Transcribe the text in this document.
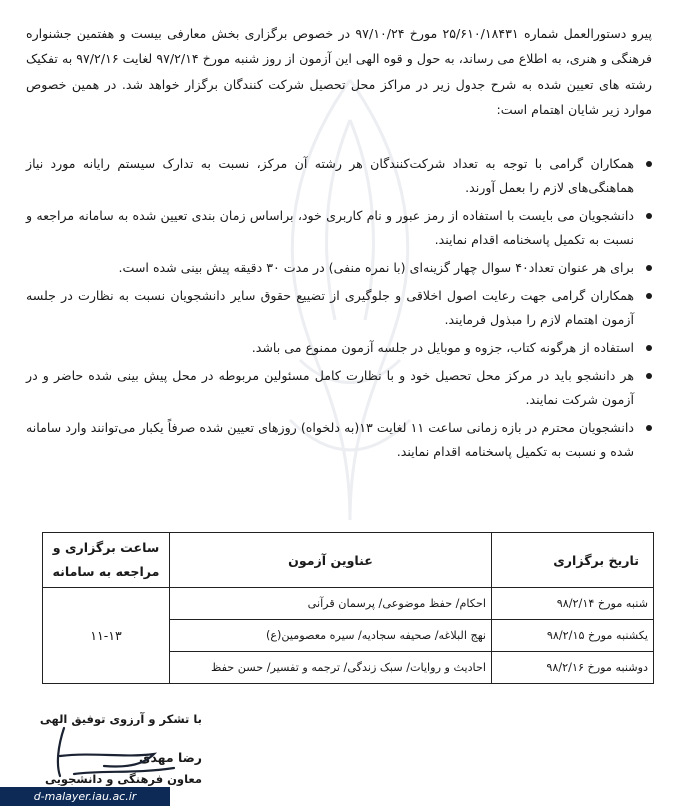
پیرو دستورالعمل شماره ۲۵/۶۱۰/۱۸۴۳۱ مورخ ۹۷/۱۰/۲۴ در خصوص برگزاری بخش معارفی بیست و هفتمین جشنواره فرهنگی و هنری، به اطلاع می رساند، به حول و قوه الهی این آزمون از روز شنبه مورخ ۹۷/۲/۱۴ لغایت ۹۷/۲/۱۶ به تفکیک رشته های تعیین شده به شرح جدول زیر در مراکز محل تحصیل شرکت کنندگان برگزار خواهد شد. در همین خصوص موارد زیر شایان اهتمام است:

همکاران گرامی با توجه به تعداد شرکت‌کنندگان هر رشته آن مرکز، نسبت به تدارک سیستم رایانه مورد نیاز هماهنگی‌های لازم را بعمل آورند.
دانشجویان می بایست با استفاده از رمز عبور و نام کاربری خود، براساس زمان بندی تعیین شده به سامانه مراجعه و نسبت به تکمیل پاسخنامه اقدام نمایند.
برای هر عنوان تعداد۴۰ سوال چهار گزینه‌ای (با نمره منفی) در مدت ۳۰ دقیقه پیش بینی شده است.
همکاران گرامی جهت رعایت اصول اخلاقی و جلوگیری از تضییع حقوق سایر دانشجویان نسبت به نظارت در جلسه آزمون اهتمام لازم را مبذول فرمایند.
استفاده از هرگونه کتاب، جزوه و موبایل در جلسه آزمون ممنوع می باشد.
هر دانشجو باید در مرکز محل تحصیل خود و با نظارت کامل مسئولین مربوطه در محل پیش بینی شده حاضر و در آزمون شرکت نمایند.
دانشجویان محترم در بازه زمانی ساعت ۱۱ لغایت ۱۳(به دلخواه) روزهای تعیین شده صرفاً یکبار می‌توانند وارد سامانه شده و نسبت به تکمیل پاسخنامه اقدام نمایند.
تاریخ برگزاری	عناوین آزمون	ساعت برگزاری و مراجعه به سامانه
شنبه مورخ ۹۸/۲/۱۴	احکام/ حفظ موضوعی/ پرسمان قرآنی	۱۱-۱۳
یکشنبه مورخ ۹۸/۲/۱۵	نهج البلاغه/ صحیفه سجادیه/ سیره معصومین(ع)	
دوشنبه مورخ ۹۸/۲/۱۶	احادیث و روایات/ سبک زندگی/ ترجمه و تفسیر/ حسن حفظ	
با تشکر و آرزوی توفیق الهی
رضا مهدی
معاون فرهنگی و دانشجویی
d-malayer.iau.ac.ir
